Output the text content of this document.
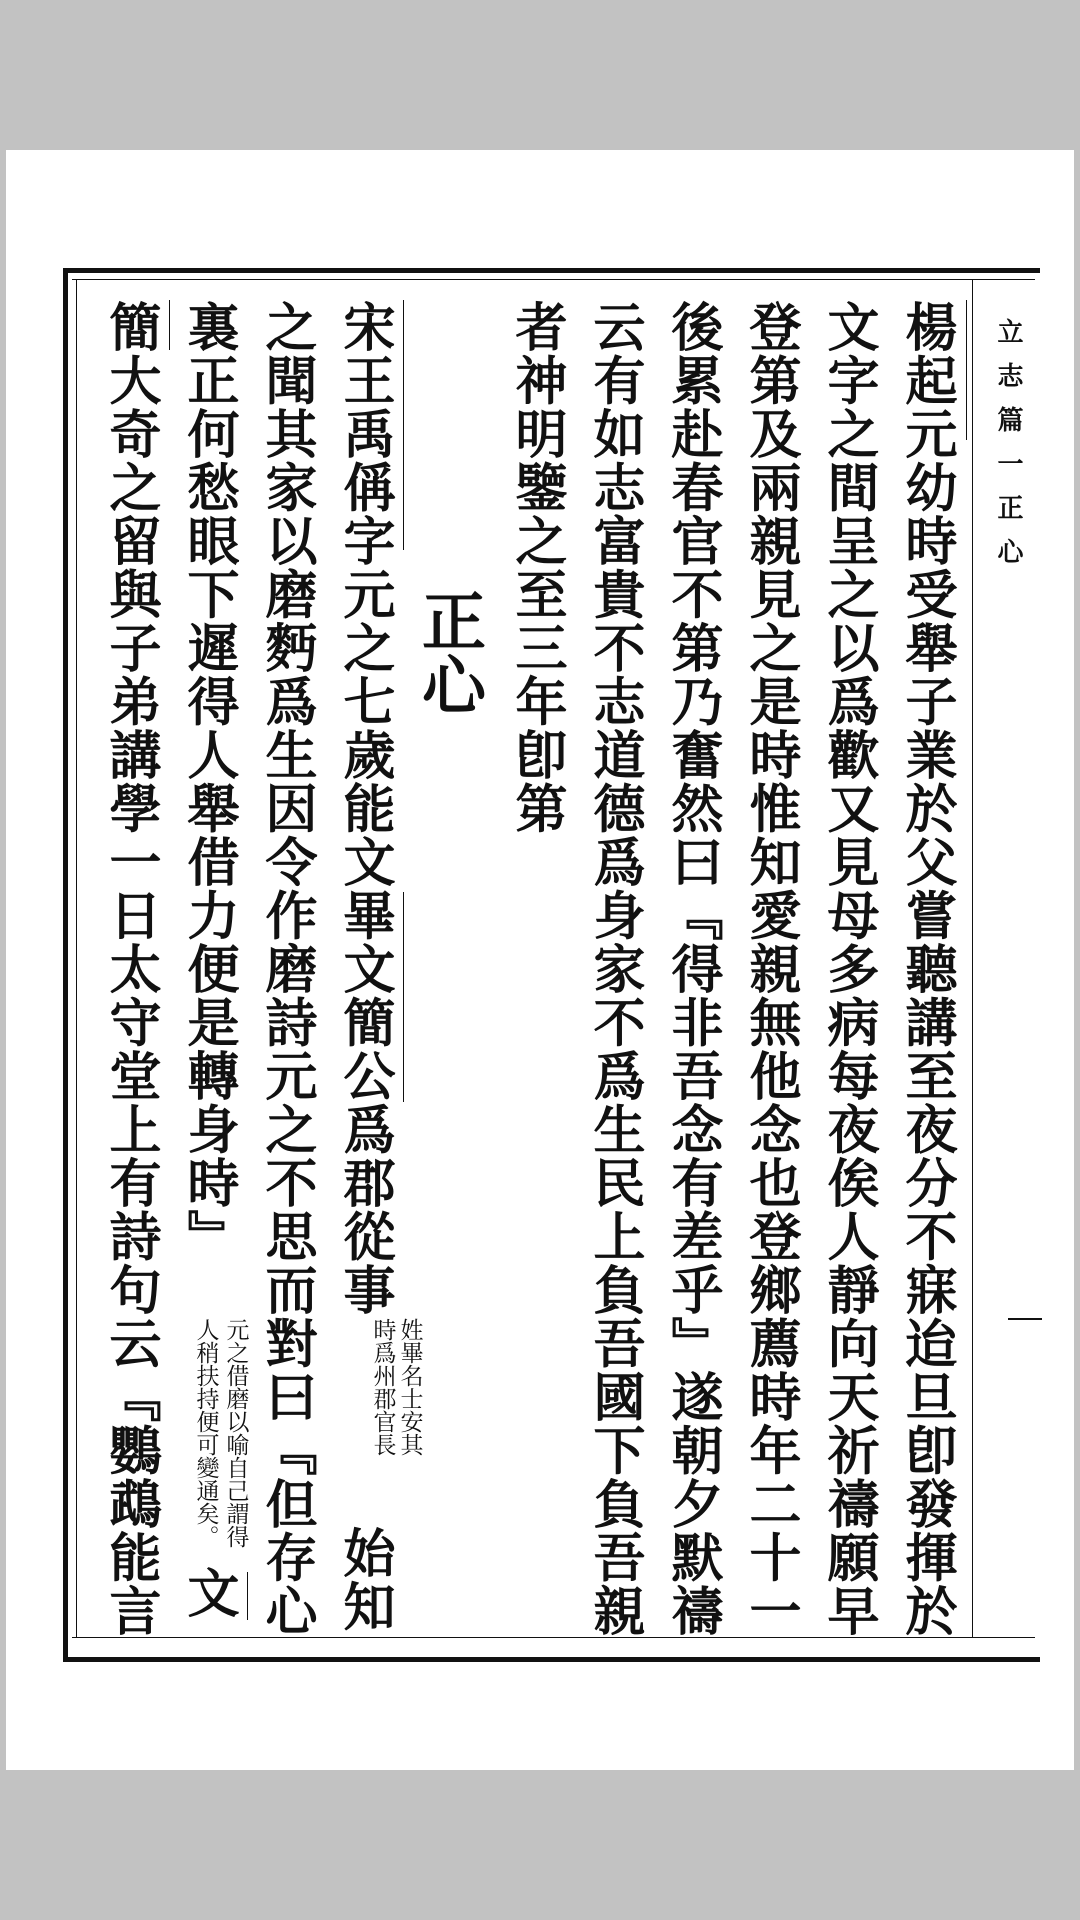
立志篇一正心
楊起元幼時受舉子業於父嘗聽講至夜分不寐迨旦卽發揮於
文字之間呈之以爲歡又見母多病每夜俟人靜向天祈禱願早
登第及兩親見之是時惟知愛親無他念也登鄉薦時年二十一
後累赴春官不第乃奮然曰『得非吾念有差乎』遂朝夕默禱
云有如志富貴不志道德爲身家不爲生民上負吾國下負吾親
者神明鑒之至三年卽第
正心
宋王禹偁字元之七歲能文畢文簡公爲郡從事
姓畢名士安其
時爲州郡官長
始知
之聞其家以磨麪爲生因令作磨詩元之不思而對曰『但存心
裏正何愁眼下遲得人舉借力便是轉身時』
元之借磨以喻自己謂得
人稍扶持便可變通矣。
文
簡大奇之留與子弟講學一日太守堂上有詩句云『鸚鵡能言
